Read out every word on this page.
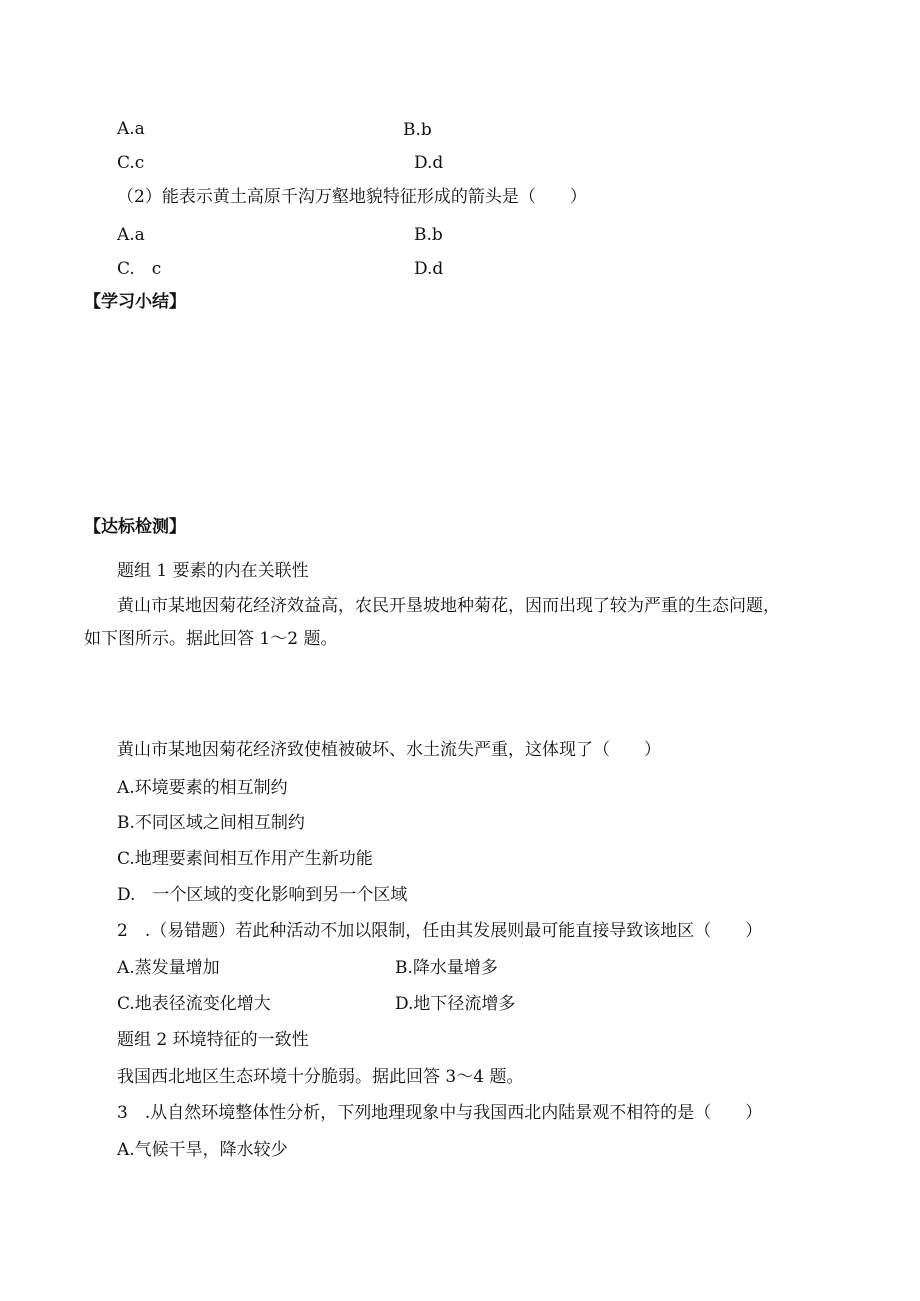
A.a	B.b
C.c	D.d
（2）能表示黄土高原千沟万壑地貌特征形成的箭头是（　　）
A.a	B.b
C.　c	D.d
【学习小结】
【达标检测】
题组 1 要素的内在关联性
黄山市某地因菊花经济效益高，农民开垦坡地种菊花，因而出现了较为严重的生态问题，
如下图所示。据此回答 1～2 题。
黄山市某地因菊花经济致使植被破坏、水土流失严重，这体现了（　　）
A.环境要素的相互制约
B.不同区域之间相互制约
C.地理要素间相互作用产生新功能
D.　一个区域的变化影响到另一个区域
2　.（易错题）若此种活动不加以限制，任由其发展则最可能直接导致该地区（　　）
A.蒸发量增加	B.降水量增多
C.地表径流变化增大	D.地下径流增多
题组 2 环境特征的一致性
我国西北地区生态环境十分脆弱。据此回答 3～4 题。
3　.从自然环境整体性分析，下列地理现象中与我国西北内陆景观不相符的是（　　）
A.气候干旱，降水较少
